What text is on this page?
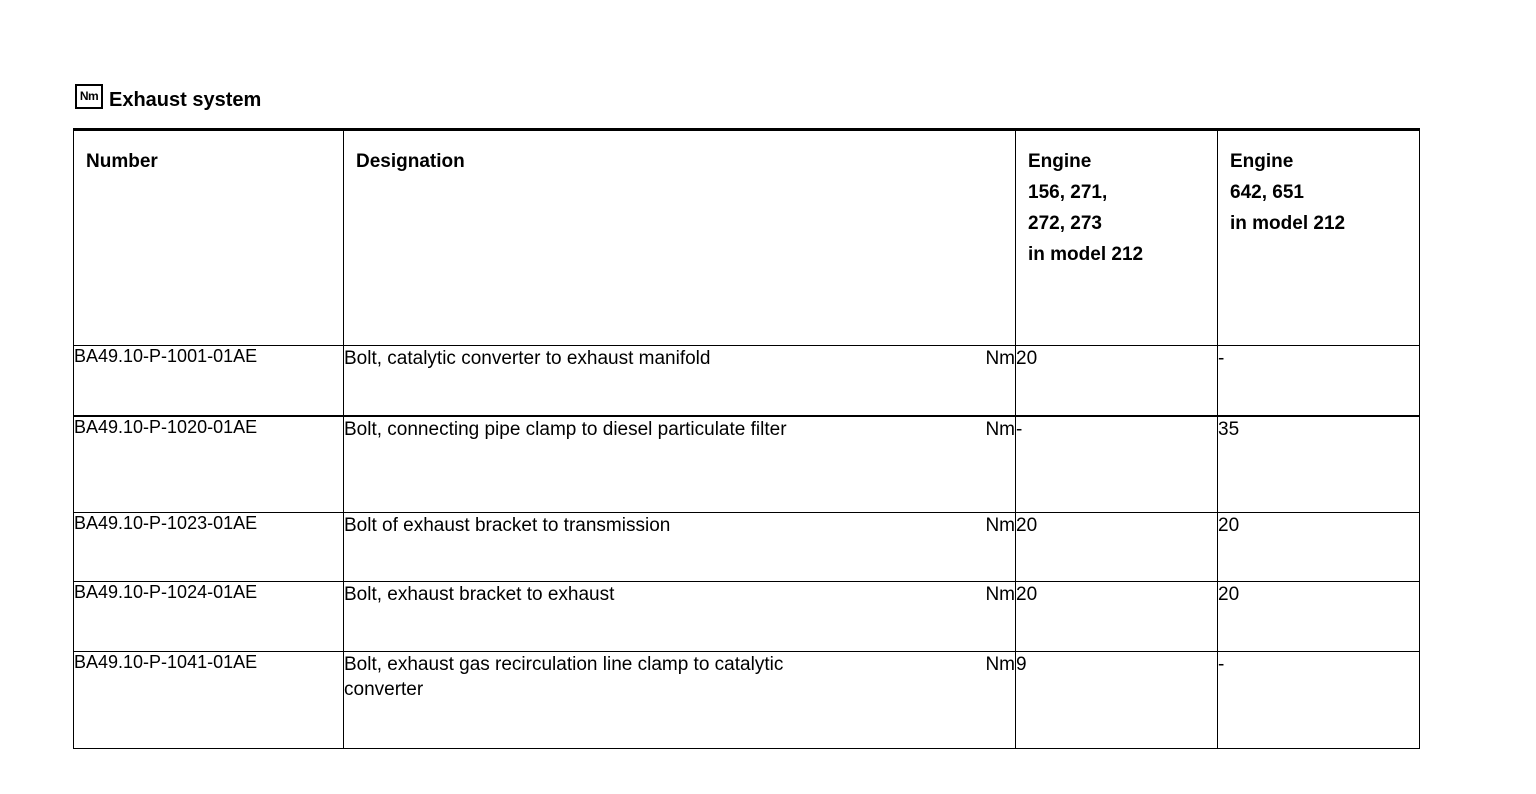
Nm Exhaust system
Number	Designation	Engine
156, 271,
272, 273
in model 212	Engine
642, 651
in model 212

BA49.10-P-1001-01AE	Bolt, catalytic converter to exhaust manifold Nm	20	-
BA49.10-P-1020-01AE	Bolt, connecting pipe clamp to diesel particulate filter Nm	-	35
BA49.10-P-1023-01AE	Bolt of exhaust bracket to transmission Nm	20	20
BA49.10-P-1024-01AE	Bolt, exhaust bracket to exhaust Nm	20	20
BA49.10-P-1041-01AE	Bolt, exhaust gas recirculation line clamp to catalytic converter
Nm	9	-
